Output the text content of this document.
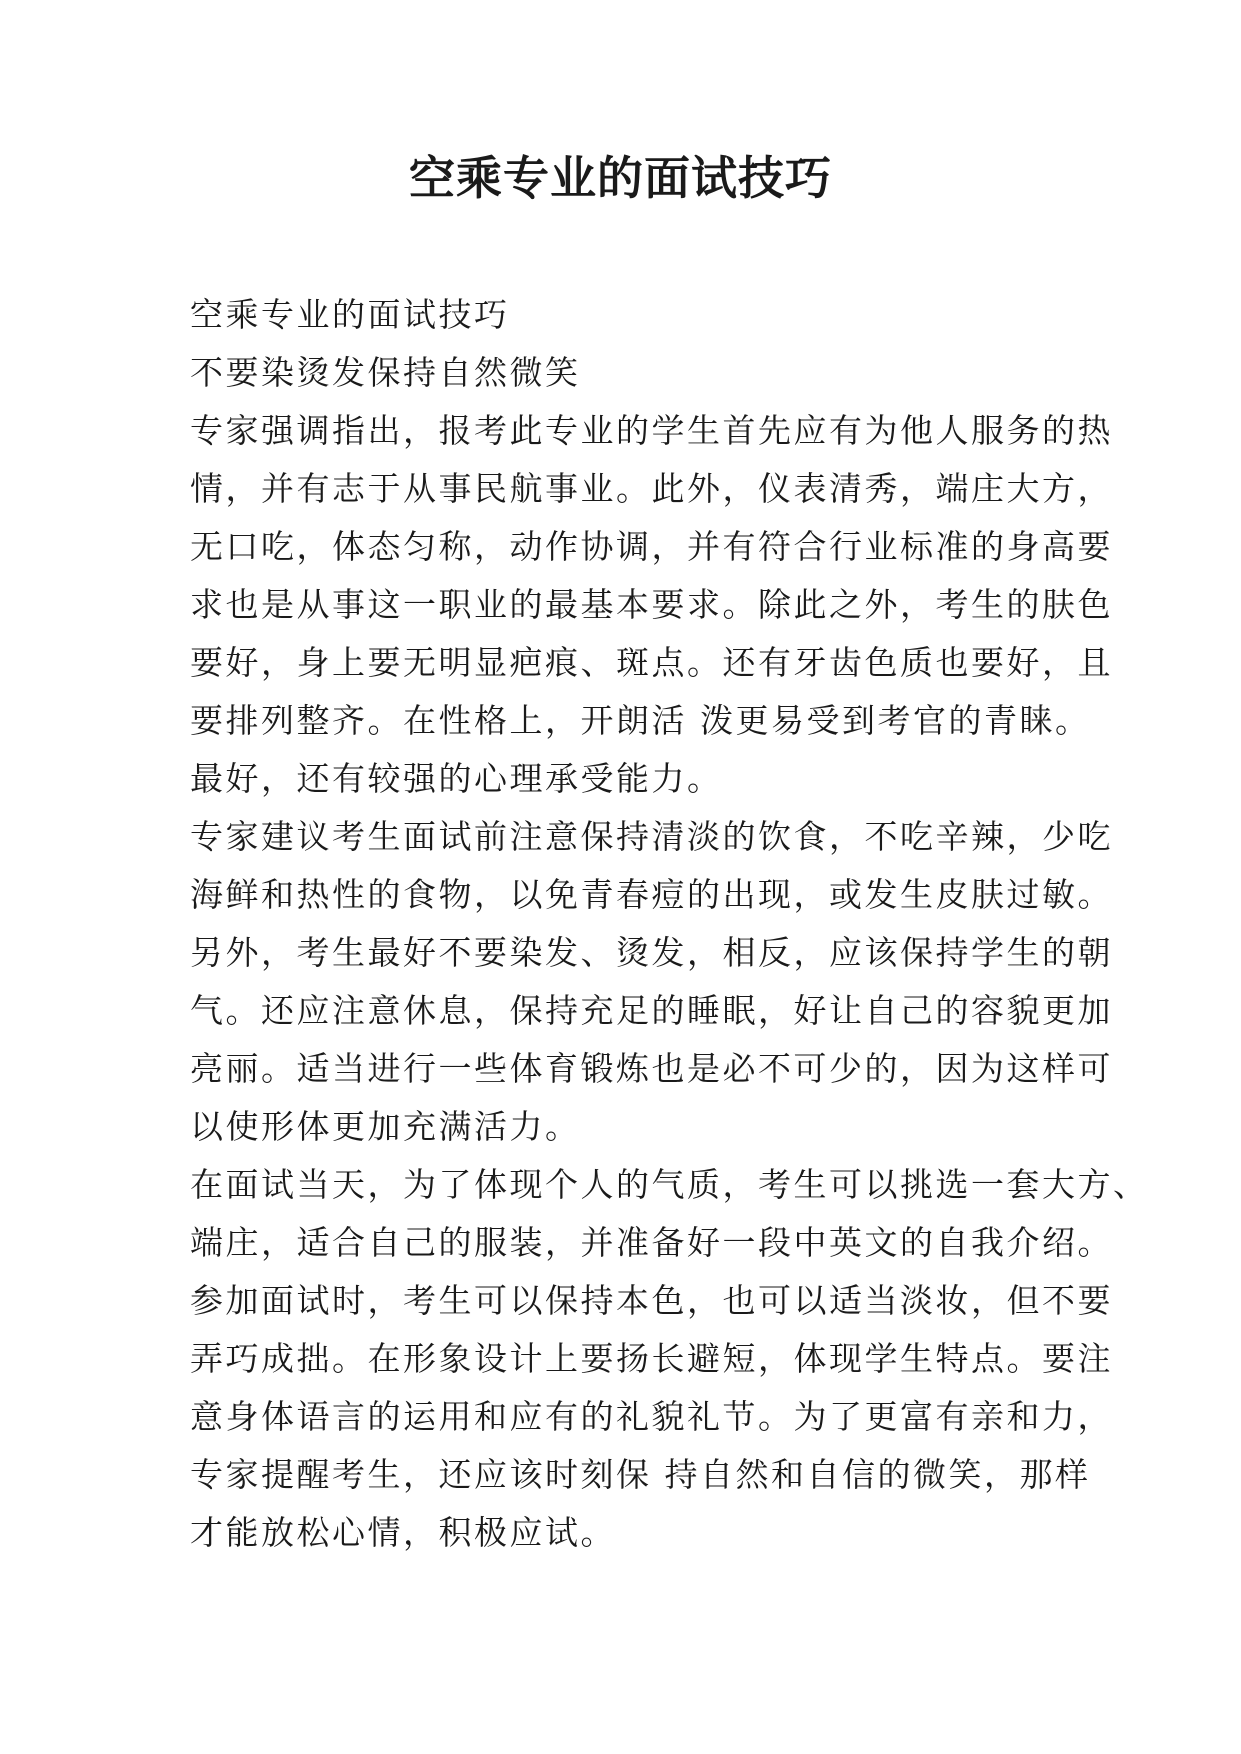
空乘专业的面试技巧

空乘专业的面试技巧

不要染烫发保持自然微笑

专家强调指出，报考此专业的学生首先应有为他人服务的热

情，并有志于从事民航事业。此外，仪表清秀，端庄大方，

无口吃，体态匀称，动作协调，并有符合行业标准的身高要

求也是从事这一职业的最基本要求。除此之外，考生的肤色

要好，身上要无明显疤痕、斑点。还有牙齿色质也要好，且

要排列整齐。在性格上，开朗活 泼更易受到考官的青睐。

最好，还有较强的心理承受能力。

专家建议考生面试前注意保持清淡的饮食，不吃辛辣，少吃

海鲜和热性的食物，以免青春痘的出现，或发生皮肤过敏。

另外，考生最好不要染发、烫发，相反，应该保持学生的朝

气。还应注意休息，保持充足的睡眠，好让自己的容貌更加

亮丽。适当进行一些体育锻炼也是必不可少的，因为这样可

以使形体更加充满活力。

在面试当天，为了体现个人的气质，考生可以挑选一套大方、

端庄，适合自己的服装，并准备好一段中英文的自我介绍。

参加面试时，考生可以保持本色，也可以适当淡妆，但不要

弄巧成拙。在形象设计上要扬长避短，体现学生特点。要注

意身体语言的运用和应有的礼貌礼节。为了更富有亲和力，

专家提醒考生，还应该时刻保 持自然和自信的微笑，那样

才能放松心情，积极应试。
